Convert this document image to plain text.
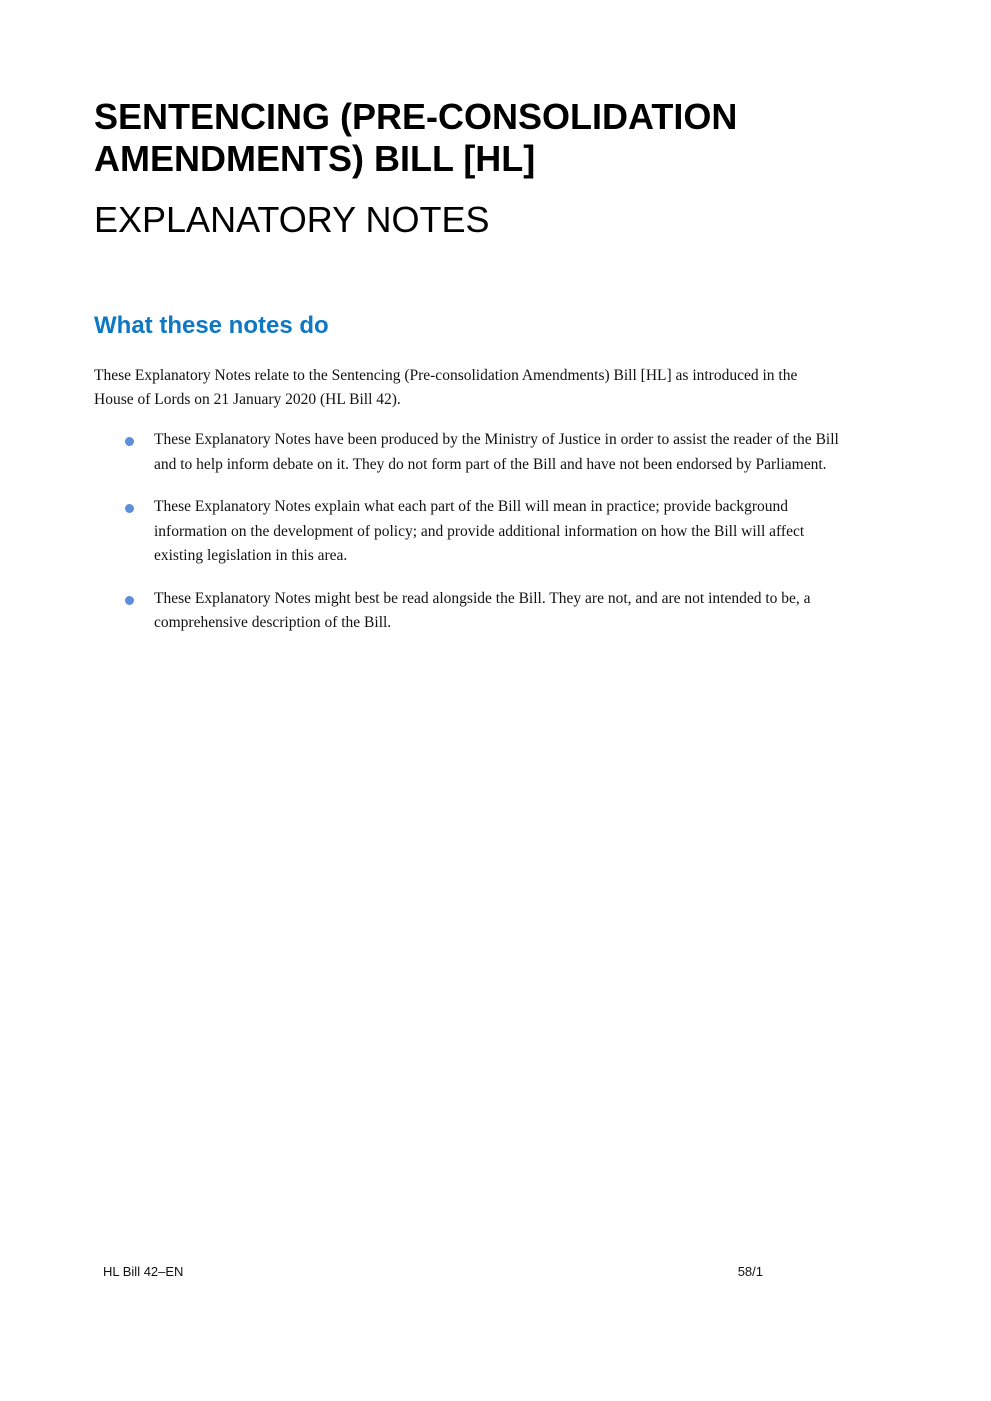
SENTENCING (PRE-CONSOLIDATION AMENDMENTS) BILL [HL]
EXPLANATORY NOTES
What these notes do

These Explanatory Notes relate to the Sentencing (Pre-consolidation Amendments) Bill [HL] as introduced in the House of Lords on 21 January 2020 (HL Bill 42).

These Explanatory Notes have been produced by the Ministry of Justice in order to assist the reader of the Bill and to help inform debate on it. They do not form part of the Bill and have not been endorsed by Parliament.
These Explanatory Notes explain what each part of the Bill will mean in practice; provide background information on the development of policy; and provide additional information on how the Bill will affect existing legislation in this area.
These Explanatory Notes might best be read alongside the Bill. They are not, and are not intended to be, a comprehensive description of the Bill.
HL Bill 42–EN	58/1
